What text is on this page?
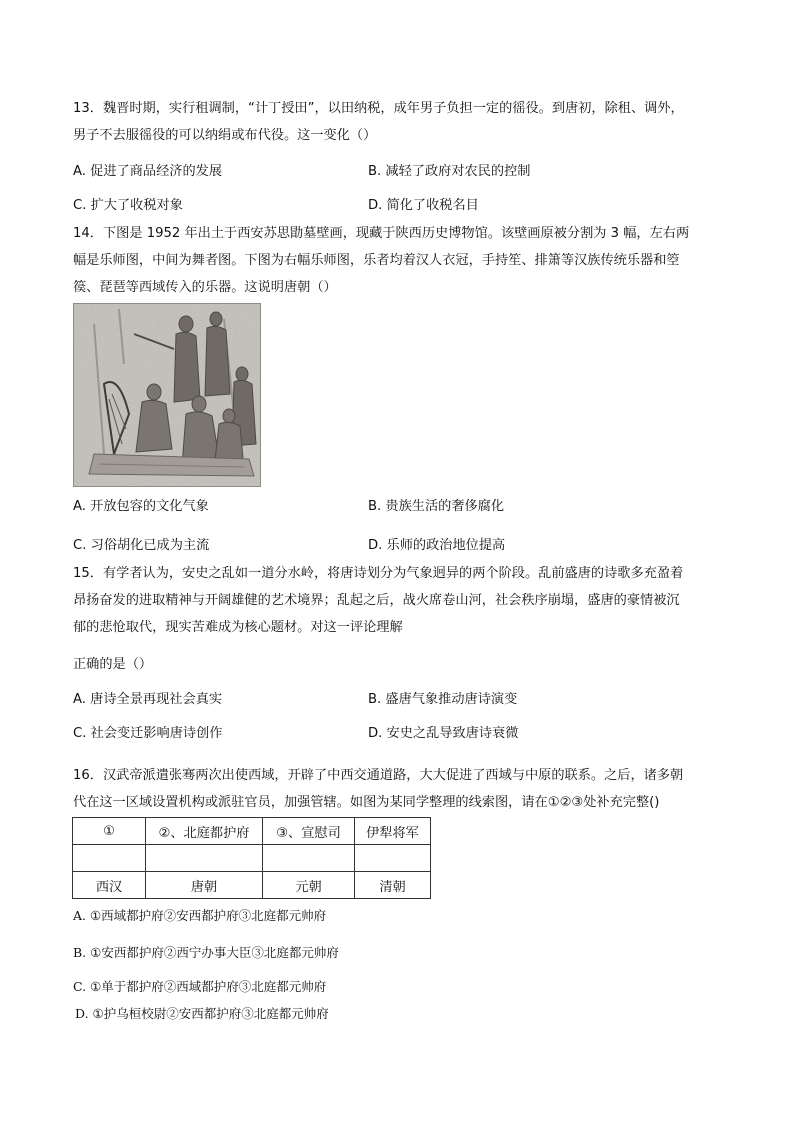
13．魏晋时期，实行租调制，“计丁授田”，以田纳税，成年男子负担一定的徭役。到唐初，除租、调外，
男子不去服徭役的可以纳绢或布代役。这一变化（）
A. 促进了商品经济的发展	B. 减轻了政府对农民的控制
C. 扩大了收税对象	D. 简化了收税名目
14．下图是 1952 年出土于西安苏思勖墓壁画，现藏于陕西历史博物馆。该壁画原被分割为 3 幅，左右两
幅是乐师图，中间为舞者图。下图为右幅乐师图，乐者均着汉人衣冠，手持笙、排箫等汉族传统乐器和箜
篌、琵琶等西域传入的乐器。这说明唐朝（）
A. 开放包容的文化气象	B. 贵族生活的奢侈腐化
C. 习俗胡化已成为主流	D. 乐师的政治地位提高
15．有学者认为，安史之乱如一道分水岭，将唐诗划分为气象迥异的两个阶段。乱前盛唐的诗歌多充盈着
昂扬奋发的进取精神与开阔雄健的艺术境界；乱起之后，战火席卷山河，社会秩序崩塌，盛唐的豪情被沉
郁的悲怆取代，现实苦难成为核心题材。对这一评论理解
正确的是（）
A. 唐诗全景再现社会真实	B. 盛唐气象推动唐诗演变
C. 社会变迁影响唐诗创作	D. 安史之乱导致唐诗衰微
16．汉武帝派遣张骞两次出使西域，开辟了中西交通道路，大大促进了西域与中原的联系。之后，诸多朝
代在这一区域设置机构或派驻官员，加强管辖。如图为某同学整理的线索图，请在①②③处补充完整()
①	②、北庭都护府	③、宣慰司	伊犁将军

西汉	唐朝	元朝	清朝
A. ①西域都护府②安西都护府③北庭都元帅府
B. ①安西都护府②西宁办事大臣③北庭都元帅府
C. ①单于都护府②西域都护府③北庭都元帅府
D. ①护乌桓校尉②安西都护府③北庭都元帅府
